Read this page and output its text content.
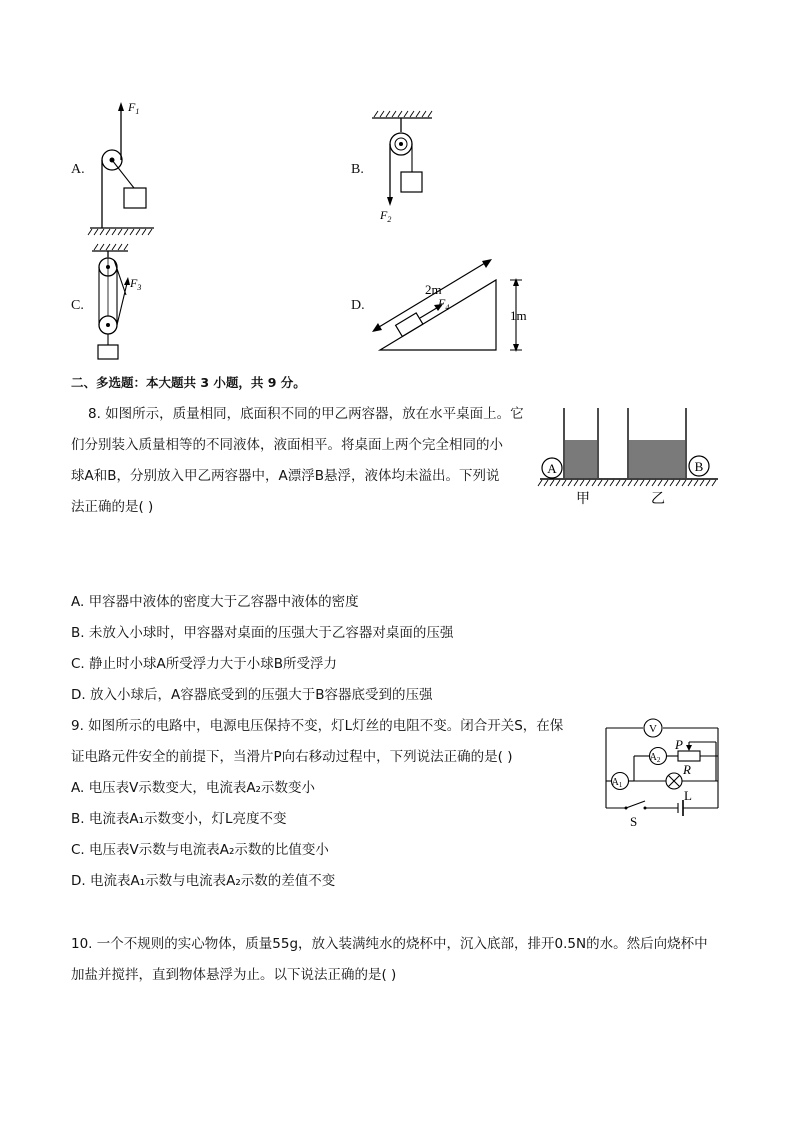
A.
$F_1$
B.
$F_2$
C.
$F_3$
D.
2m
$F_4$
1m
二、多选题：本大题共 3 小题，共 9 分。
8. 如图所示，质量相同，底面积不同的甲乙两容器，放在水平桌面上。它
们分别装入质量相等的不同液体，液面相平。将桌面上两个完全相同的小
球A和B，分别放入甲乙两容器中，A漂浮B悬浮，液体均未溢出。下列说
法正确的是( )
A	B
甲	乙
A. 甲容器中液体的密度大于乙容器中液体的密度
B. 未放入小球时，甲容器对桌面的压强大于乙容器对桌面的压强
C. 静止时小球A所受浮力大于小球B所受浮力
D. 放入小球后，A容器底受到的压强大于B容器底受到的压强
9. 如图所示的电路中，电源电压保持不变，灯L灯丝的电阻不变。闭合开关S，在保
证电路元件安全的前提下，当滑片P向右移动过程中，下列说法正确的是( )
V
$A_2$
$A_1$
P
R
L
S
A. 电压表V示数变大，电流表A₂示数变小
B. 电流表A₁示数变小，灯L亮度不变
C. 电压表V示数与电流表A₂示数的比值变小
D. 电流表A₁示数与电流表A₂示数的差值不变
10. 一个不规则的实心物体，质量55g，放入装满纯水的烧杯中，沉入底部，排开0.5N的水。然后向烧杯中
加盐并搅拌，直到物体悬浮为止。以下说法正确的是( )
